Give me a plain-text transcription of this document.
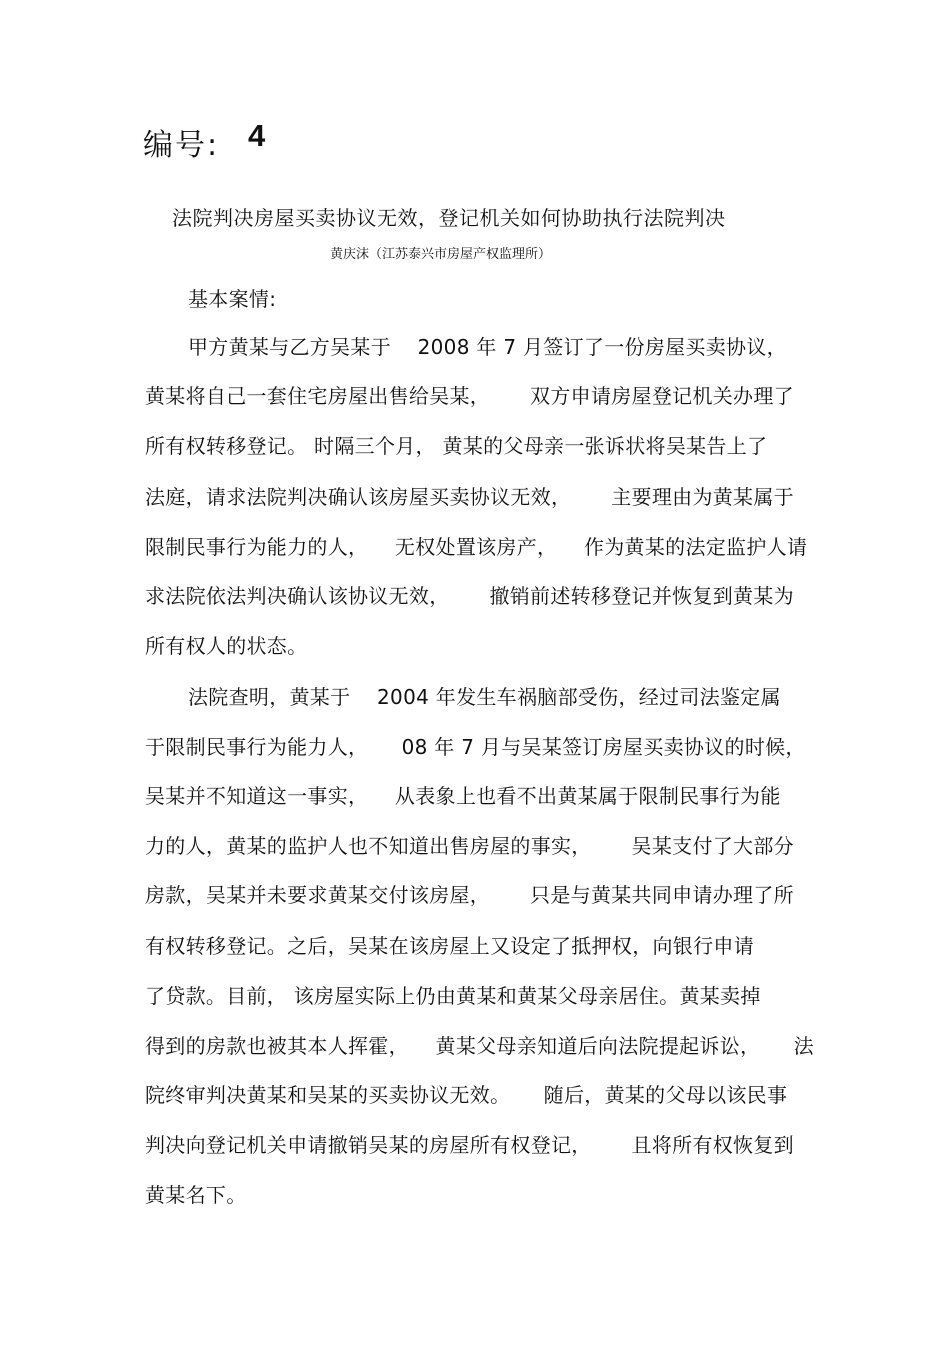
编号: 4
法院判决房屋买卖协议无效，登记机关如何协助执行法院判决
黄庆沫（江苏泰兴市房屋产权监理所）
基本案情:
甲方黄某与乙方吴某于    2008 年 7 月签订了一份房屋买卖协议，
黄某将自己一套住宅房屋出售给吴某，      双方申请房屋登记机关办理了
所有权转移登记。 时隔三个月， 黄某的父母亲一张诉状将吴某告上了
法庭，请求法院判决确认该房屋买卖协议无效，      主要理由为黄某属于
限制民事行为能力的人，    无权处置该房产，    作为黄某的法定监护人请
求法院依法判决确认该协议无效，      撤销前述转移登记并恢复到黄某为
所有权人的状态。
法院查明，黄某于    2004 年发生车祸脑部受伤，经过司法鉴定属
于限制民事行为能力人，     08 年 7 月与吴某签订房屋买卖协议的时候，
吴某并不知道这一事实，    从表象上也看不出黄某属于限制民事行为能
力的人，黄某的监护人也不知道出售房屋的事实，      吴某支付了大部分
房款，吴某并未要求黄某交付该房屋，      只是与黄某共同申请办理了所
有权转移登记。之后，吴某在该房屋上又设定了抵押权，向银行申请
了贷款。目前， 该房屋实际上仍由黄某和黄某父母亲居住。黄某卖掉
得到的房款也被其本人挥霍，    黄某父母亲知道后向法院提起诉讼，     法
院终审判决黄某和吴某的买卖协议无效。     随后，黄某的父母以该民事
判决向登记机关申请撤销吴某的房屋所有权登记，      且将所有权恢复到
黄某名下。
